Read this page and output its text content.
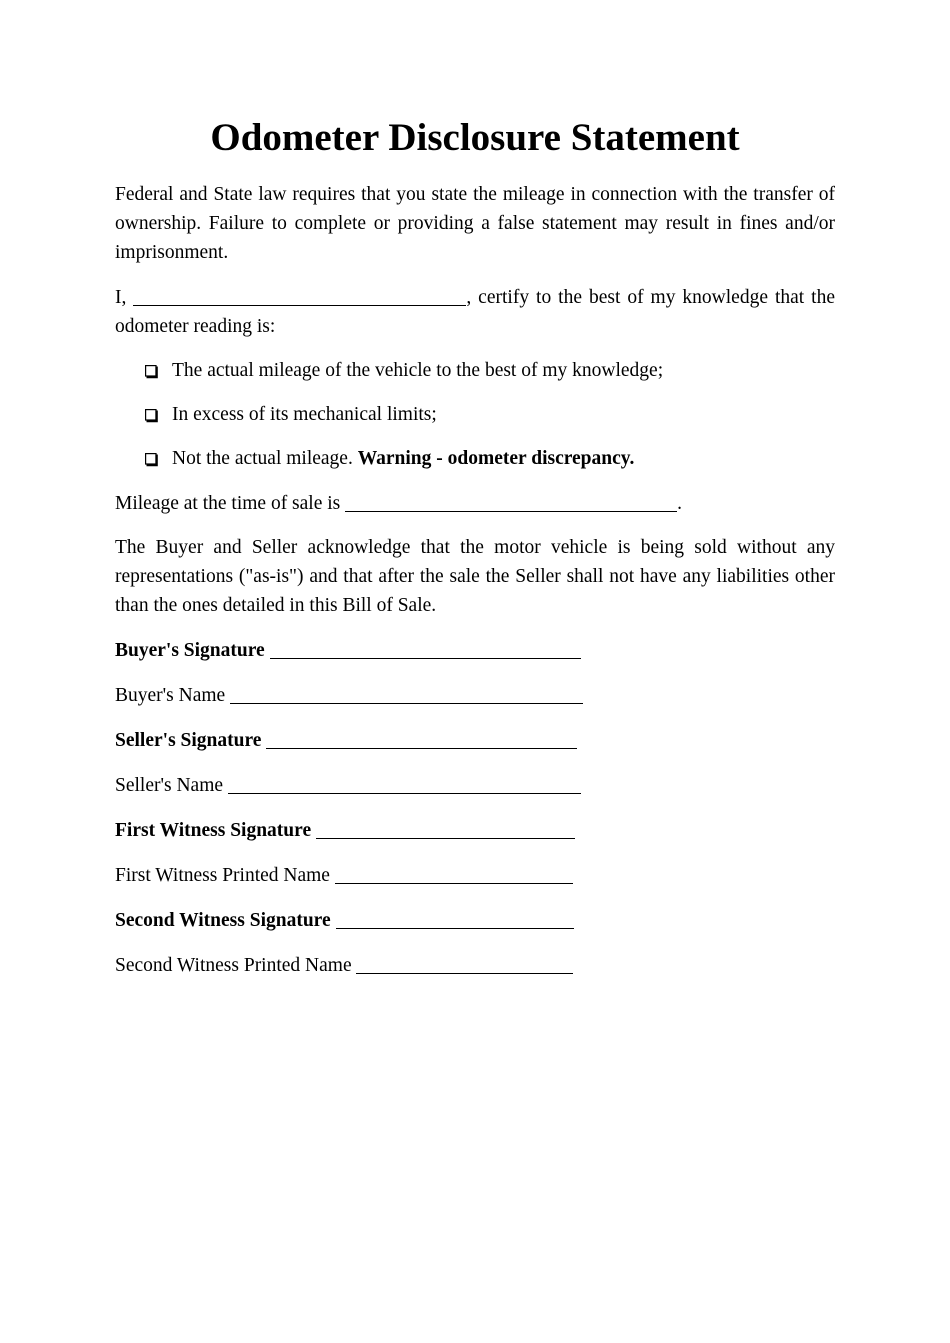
Odometer Disclosure Statement

Federal and State law requires that you state the mileage in connection with the transfer of ownership. Failure to complete or providing a false statement may result in fines and/or imprisonment.

I,	, certify to the best of my knowledge that the odometer reading is:

The actual mileage of the vehicle to the best of my knowledge;
In excess of its mechanical limits;
Not the actual mileage. Warning - odometer discrepancy.

Mileage at the time of sale is	.

The Buyer and Seller acknowledge that the motor vehicle is being sold without any representations ("as-is") and that after the sale the Seller shall not have any liabilities other than the ones detailed in this Bill of Sale.

Buyer's Signature
Buyer's Name
Seller's Signature
Seller's Name
First Witness Signature
First Witness Printed Name
Second Witness Signature
Second Witness Printed Name
